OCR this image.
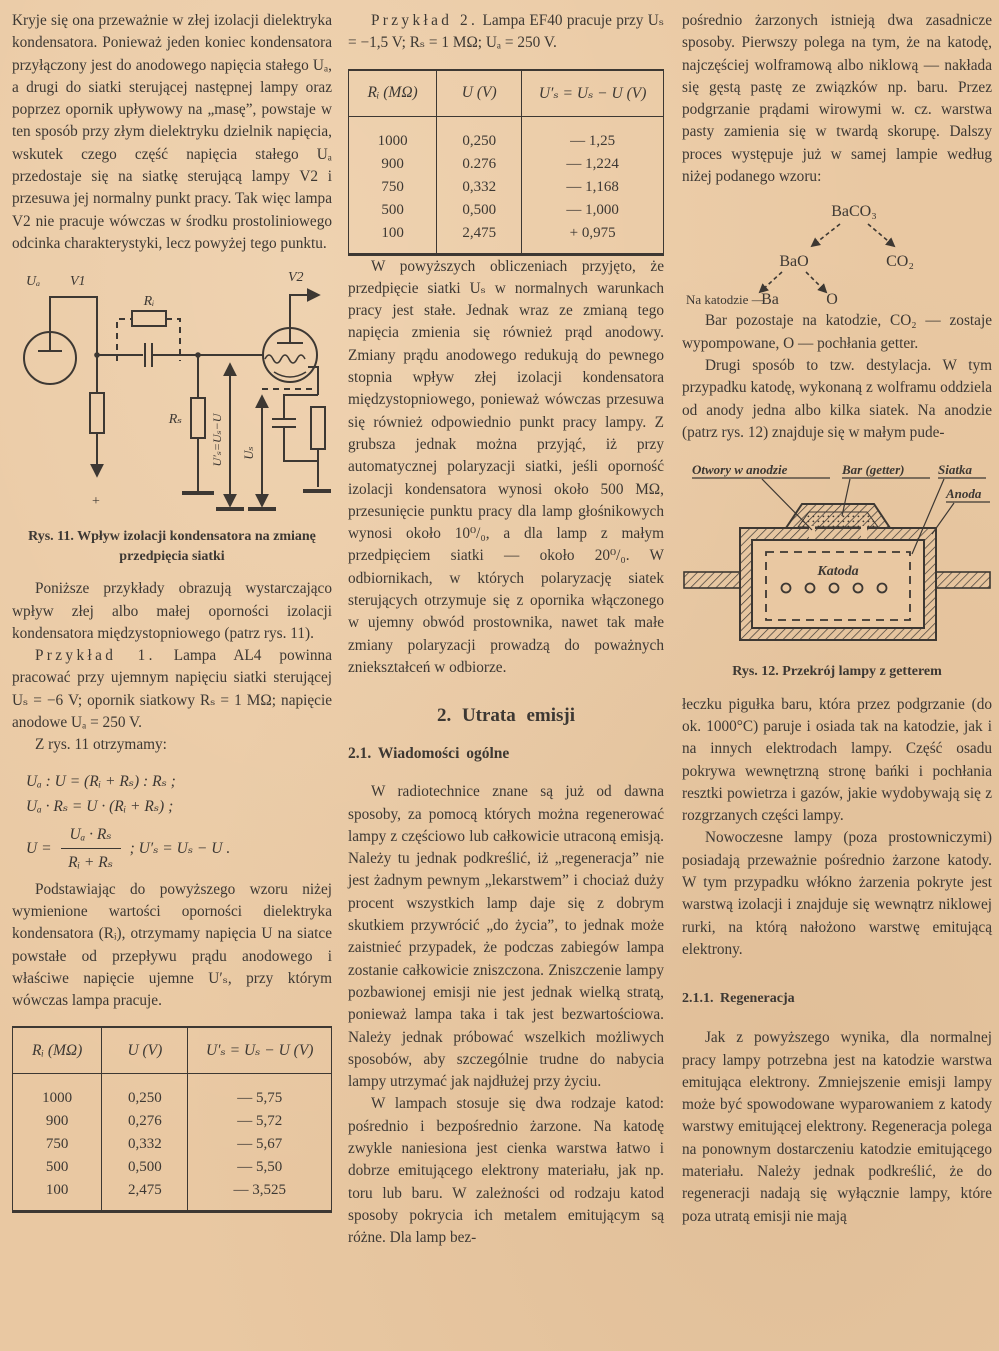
Kryje się ona przeważnie w złej izolacji dielektryka kondensatora. Ponieważ jeden koniec kondensatora przyłączony jest do anodowego napięcia stałego Uₐ, a drugi do siatki sterującej następnej lampy oraz poprzez opornik upływowy na „masę”, powstaje w ten sposób przy złym dielektryku dzielnik napięcia, wskutek czego część napięcia stałego Uₐ przedostaje się na siatkę sterującą lampy V2 i przesuwa jej normalny punkt pracy. Tak więc lampa V2 nie pracuje wówczas w środku prostoliniowego odcinka charakterystyki, lecz powyżej tego punktu.

Uₐ V1
Rᵢ
Rₛ
V2
+
U′ₛ=Uₛ−U Uₛ
Rys. 11. Wpływ izolacji kondensatora na zmianę przedpięcia siatki

Poniższe przykłady obrazują wystarczająco wpływ złej albo małej oporności izolacji kondensatora międzystopniowego (patrz rys. 11).

Przykład 1. Lampa AL4 powinna pracować przy ujemnym napięciu siatki sterującej Uₛ = −6 V; opornik siatkowy Rₛ = 1 MΩ; napięcie anodowe Uₐ = 250 V.

Z rys. 11 otrzymamy:

Uₐ : U = (Rᵢ + Rₛ) : Rₛ ;
Uₐ · Rₛ = U · (Rᵢ + Rₛ) ;
$U = \frac{\text{Uₐ · Rₛ}}{\text{Rᵢ + Rₛ}}$ ; U′ₛ = Uₛ − U .

Podstawiając do powyższego wzoru niżej wymienione wartości oporności dielektryka kondensatora (Rᵢ), otrzymamy napięcia U na siatce powstałe od przepływu prądu anodowego i właściwe napięcie ujemne U′ₛ, przy którym wówczas lampa pracuje.

Rᵢ (MΩ)	U (V)	U′ₛ = Uₛ − U (V)
1000	0,250	— 5,75
900	0,276	— 5,72
750	0,332	— 5,67
500	0,500	— 5,50
100	2,475	— 3,525

Przykład 2. Lampa EF40 pracuje przy Uₛ = −1,5 V; Rₛ = 1 MΩ; Uₐ = 250 V.

Rᵢ (MΩ)	U (V)	U′ₛ = Uₛ − U (V)
1000	0,250	— 1,25
900	0.276	— 1,224
750	0,332	— 1,168
500	0,500	— 1,000
100	2,475	+ 0,975

W powyższych obliczeniach przyjęto, że przedpięcie siatki Uₛ w normalnych warunkach pracy jest stałe. Jednak wraz ze zmianą tego napięcia zmienia się również prąd anodowy. Zmiany prądu anodowego redukują do pewnego stopnia wpływ złej izolacji kondensatora międzystopniowego, ponieważ wówczas przesuwa się również odpowiednio punkt pracy lampy. Z grubsza jednak można przyjąć, iż przy automatycznej polaryzacji siatki, jeśli oporność izolacji kondensatora wynosi około 500 MΩ, przesunięcie punktu pracy dla lamp głośnikowych wynosi około 10⁰/₀, a dla lamp z małym przedpięciem siatki — około 20⁰/₀. W odbiornikach, w których polaryzację siatek sterujących otrzymuje się z opornika włączonego w ujemny obwód prostownika, nawet tak małe zmiany polaryzacji prowadzą do poważnych zniekształceń w odbiorze.

2. Utrata emisji
2.1. Wiadomości ogólne

W radiotechnice znane są już od dawna sposoby, za pomocą których można regenerować lampy z częściowo lub całkowicie utraconą emisją. Należy tu jednak podkreślić, iż „regeneracja” nie jest żadnym pewnym „lekarstwem” i chociaż duży procent wszystkich lamp daje się z dobrym skutkiem przywrócić „do życia”, to jednak może zaistnieć przypadek, że podczas zabiegów lampa zostanie całkowicie zniszczona. Zniszczenie lampy pozbawionej emisji nie jest jednak wielką stratą, ponieważ lampa taka i tak jest bezwartościowa. Należy jednak próbować wszelkich możliwych sposobów, aby szczególnie trudne do nabycia lampy utrzymać jak najdłużej przy życiu.

W lampach stosuje się dwa rodzaje katod: pośrednio i bezpośrednio żarzone. Na katodę zwykle naniesiona jest cienka warstwa łatwo i dobrze emitującego elektrony materiału, jak np. toru lub baru. W zależności od rodzaju katod sposoby pokrycia ich metalem emitującym są różne. Dla lamp bez-

pośrednio żarzonych istnieją dwa zasadnicze sposoby. Pierwszy polega na tym, że na katodę, najczęściej wolframową albo niklową — nakłada się gęstą pastę ze związków np. baru. Przez podgrzanie prądami wirowymi w. cz. warstwa pasty zamienia się w twardą skorupę. Dalszy proces występuje już w samej lampie według niżej podanego wzoru:

BaCO₃
BaO	CO₂
Na katodzie —
Ba	O

Bar pozostaje na katodzie, CO₂ — zostaje wypompowane, O — pochłania getter.

Drugi sposób to tzw. destylacja. W tym przypadku katodę, wykonaną z wolframu oddziela od anody jedna albo kilka siatek. Na anodzie (patrz rys. 12) znajduje się w małym pude-

Otwory w anodzie	Bar (getter)	Siatka
Anoda
Katoda
Rys. 12. Przekrój lampy z getterem

łeczku pigułka baru, która przez podgrzanie (do ok. 1000°C) paruje i osiada tak na katodzie, jak i na innych elektrodach lampy. Część osadu pokrywa wewnętrzną stronę bańki i pochłania resztki powietrza i gazów, jakie wydobywają się z rozgrzanych części lampy.

Nowoczesne lampy (poza prostowniczymi) posiadają przeważnie pośrednio żarzone katody. W tym przypadku włókno żarzenia pokryte jest warstwą izolacji i znajduje się wewnątrz niklowej rurki, na którą nałożono warstwę emitującą elektrony.

2.1.1. Regeneracja

Jak z powyższego wynika, dla normalnej pracy lampy potrzebna jest na katodzie warstwa emitująca elektrony. Zmniejszenie emisji lampy może być spowodowane wyparowaniem z katody warstwy emitującej elektrony. Regeneracja polega na ponownym dostarczeniu katodzie emitującego materiału. Należy jednak podkreślić, że do regeneracji nadają się wyłącznie lampy, które poza utratą emisji nie mają
